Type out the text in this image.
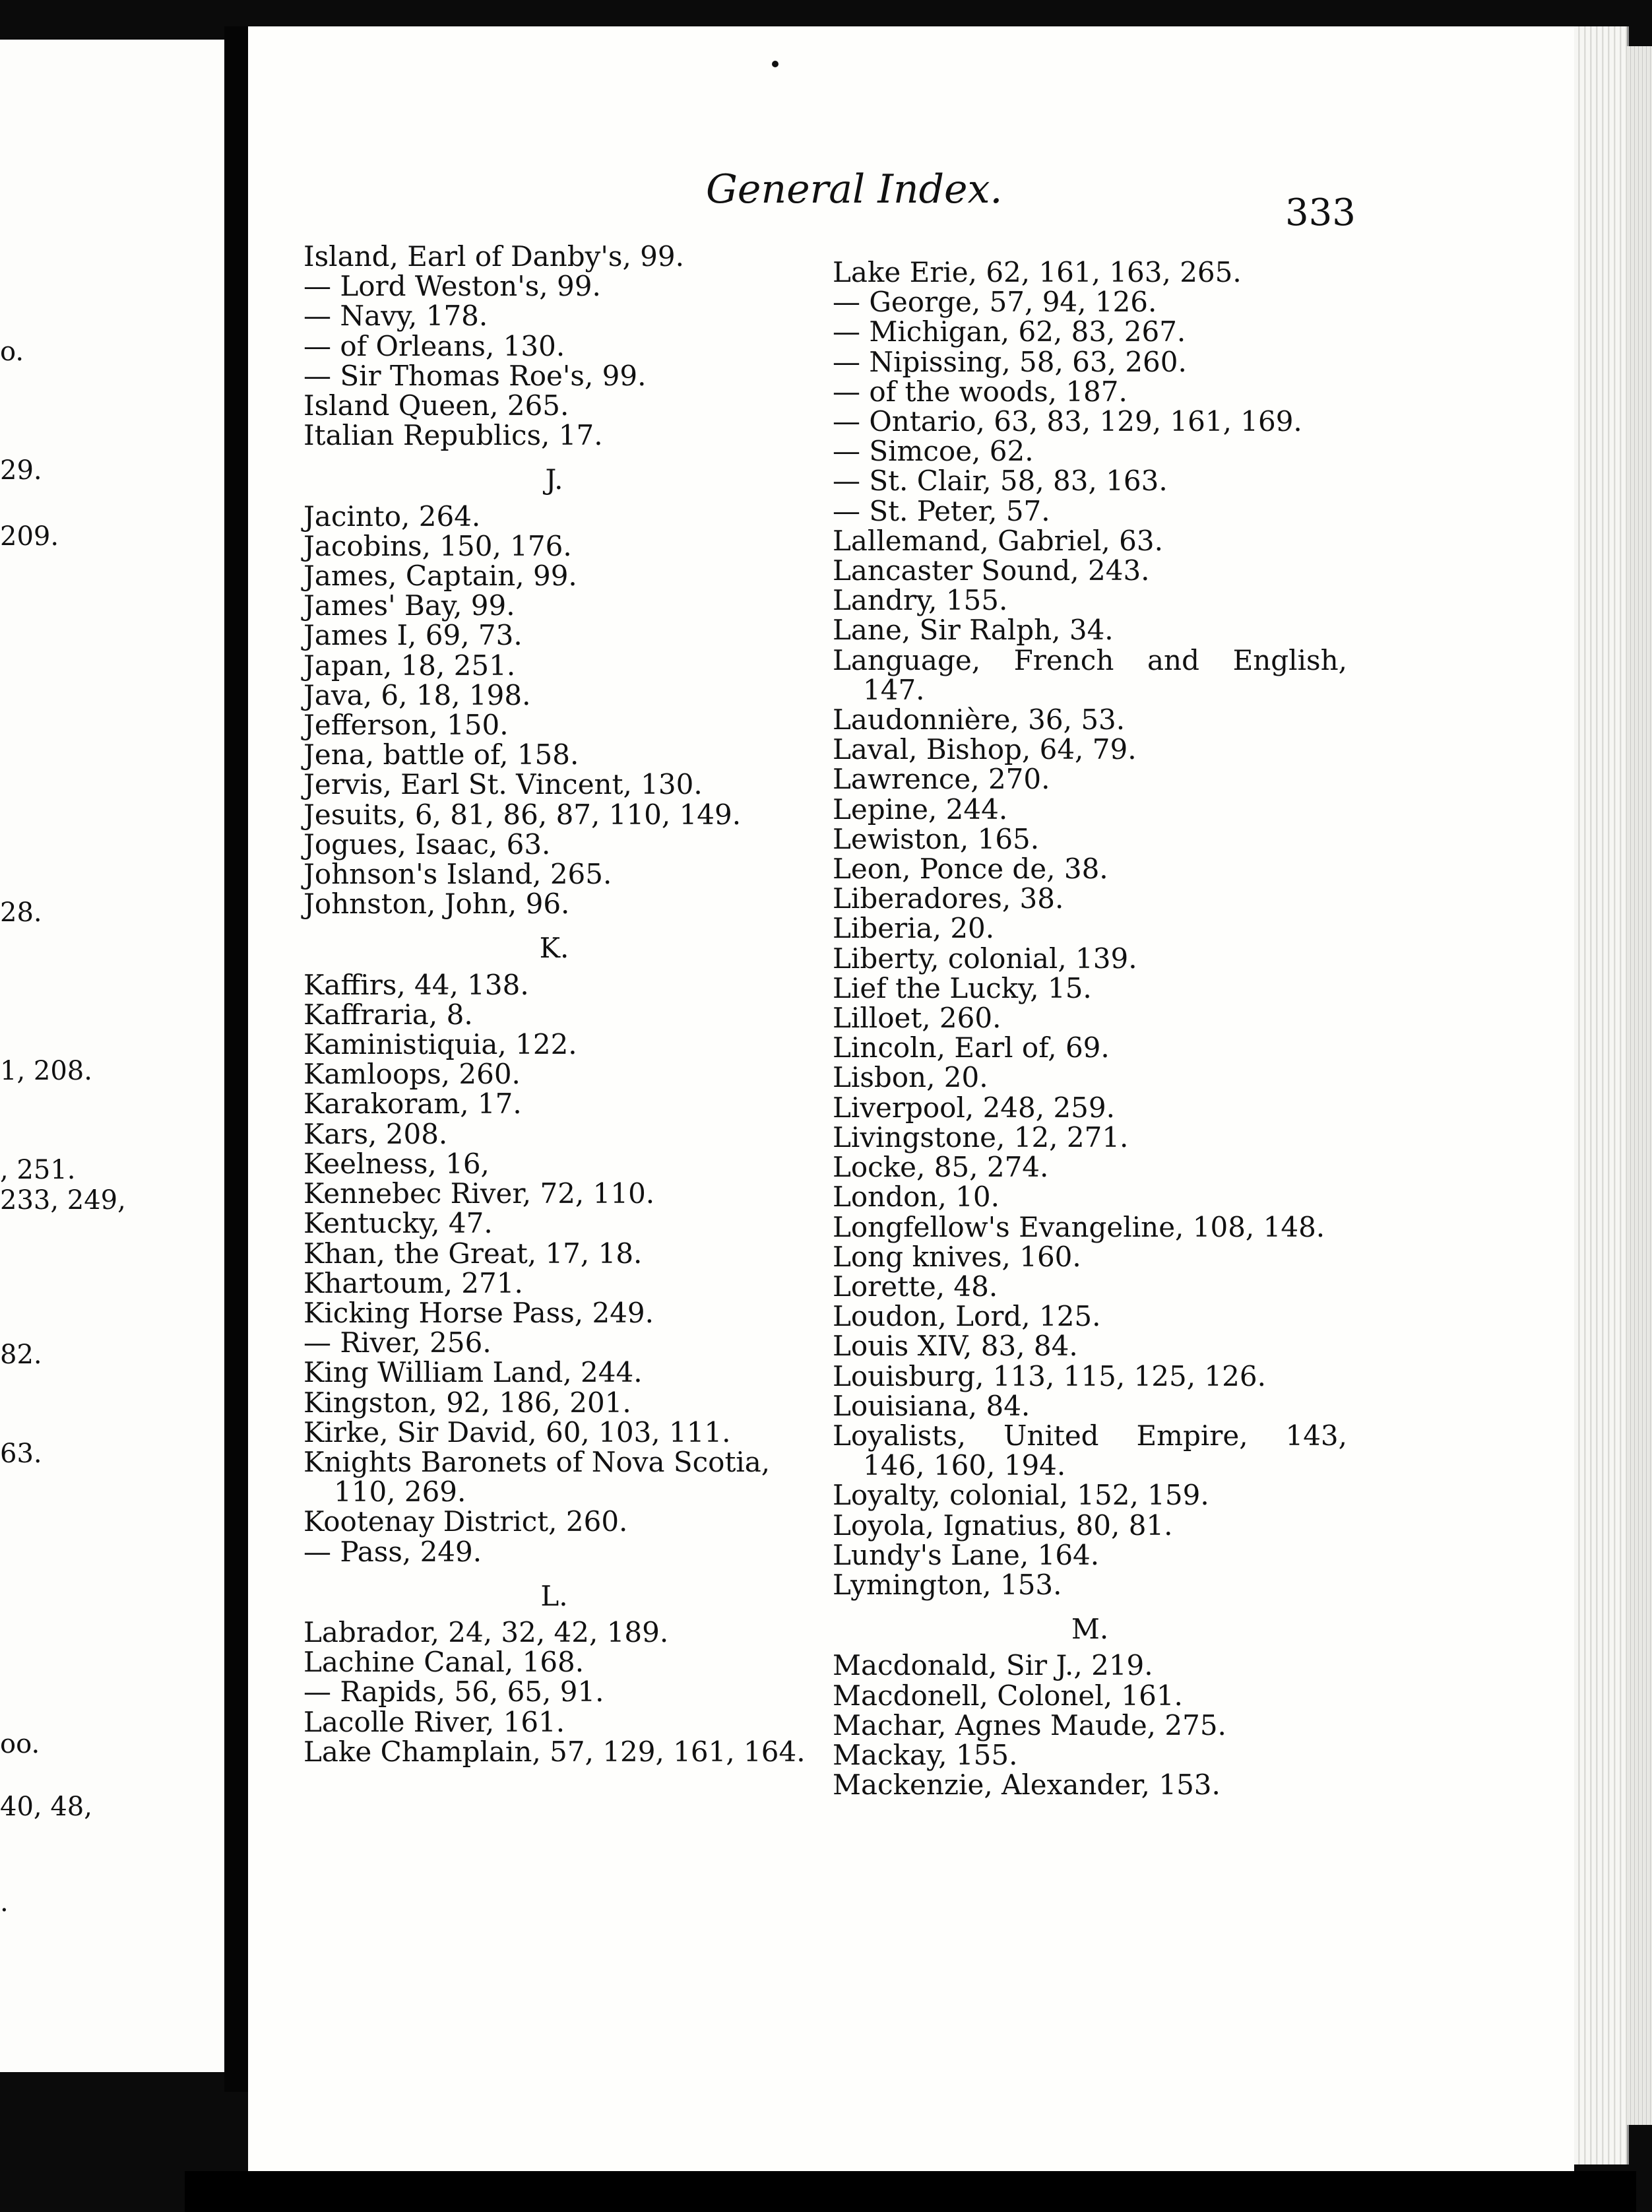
o.
29.
209.
28.
1, 208.
, 251.
233, 249,
82.
63.
oo.
40, 48,
.
General Index.
333
Island, Earl of Danby's, 99.
— Lord Weston's, 99.
— Navy, 178.
— of Orleans, 130.
— Sir Thomas Roe's, 99.
Island Queen, 265.
Italian Republics, 17.
J.
Jacinto, 264.
Jacobins, 150, 176.
James, Captain, 99.
James' Bay, 99.
James I, 69, 73.
Japan, 18, 251.
Java, 6, 18, 198.
Jefferson, 150.
Jena, battle of, 158.
Jervis, Earl St. Vincent, 130.
Jesuits, 6, 81, 86, 87, 110, 149.
Jogues, Isaac, 63.
Johnson's Island, 265.
Johnston, John, 96.
K.
Kaffirs, 44, 138.
Kaffraria, 8.
Kaministiquia, 122.
Kamloops, 260.
Karakoram, 17.
Kars, 208.
Keelness, 16,
Kennebec River, 72, 110.
Kentucky, 47.
Khan, the Great, 17, 18.
Khartoum, 271.
Kicking Horse Pass, 249.
— River, 256.
King William Land, 244.
Kingston, 92, 186, 201.
Kirke, Sir David, 60, 103, 111.
Knights Baronets of Nova Scotia,
110, 269.
Kootenay District, 260.
— Pass, 249.
L.
Labrador, 24, 32, 42, 189.
Lachine Canal, 168.
— Rapids, 56, 65, 91.
Lacolle River, 161.
Lake Champlain, 57, 129, 161, 164.
Lake Erie, 62, 161, 163, 265.
— George, 57, 94, 126.
— Michigan, 62, 83, 267.
— Nipissing, 58, 63, 260.
— of the woods, 187.
— Ontario, 63, 83, 129, 161, 169.
— Simcoe, 62.
— St. Clair, 58, 83, 163.
— St. Peter, 57.
Lallemand, Gabriel, 63.
Lancaster Sound, 243.
Landry, 155.
Lane, Sir Ralph, 34.
Language, French and English,
147.
Laudonnière, 36, 53.
Laval, Bishop, 64, 79.
Lawrence, 270.
Lepine, 244.
Lewiston, 165.
Leon, Ponce de, 38.
Liberadores, 38.
Liberia, 20.
Liberty, colonial, 139.
Lief the Lucky, 15.
Lilloet, 260.
Lincoln, Earl of, 69.
Lisbon, 20.
Liverpool, 248, 259.
Livingstone, 12, 271.
Locke, 85, 274.
London, 10.
Longfellow's Evangeline, 108, 148.
Long knives, 160.
Lorette, 48.
Loudon, Lord, 125.
Louis XIV, 83, 84.
Louisburg, 113, 115, 125, 126.
Louisiana, 84.
Loyalists, United Empire, 143,
146, 160, 194.
Loyalty, colonial, 152, 159.
Loyola, Ignatius, 80, 81.
Lundy's Lane, 164.
Lymington, 153.
M.
Macdonald, Sir J., 219.
Macdonell, Colonel, 161.
Machar, Agnes Maude, 275.
Mackay, 155.
Mackenzie, Alexander, 153.
